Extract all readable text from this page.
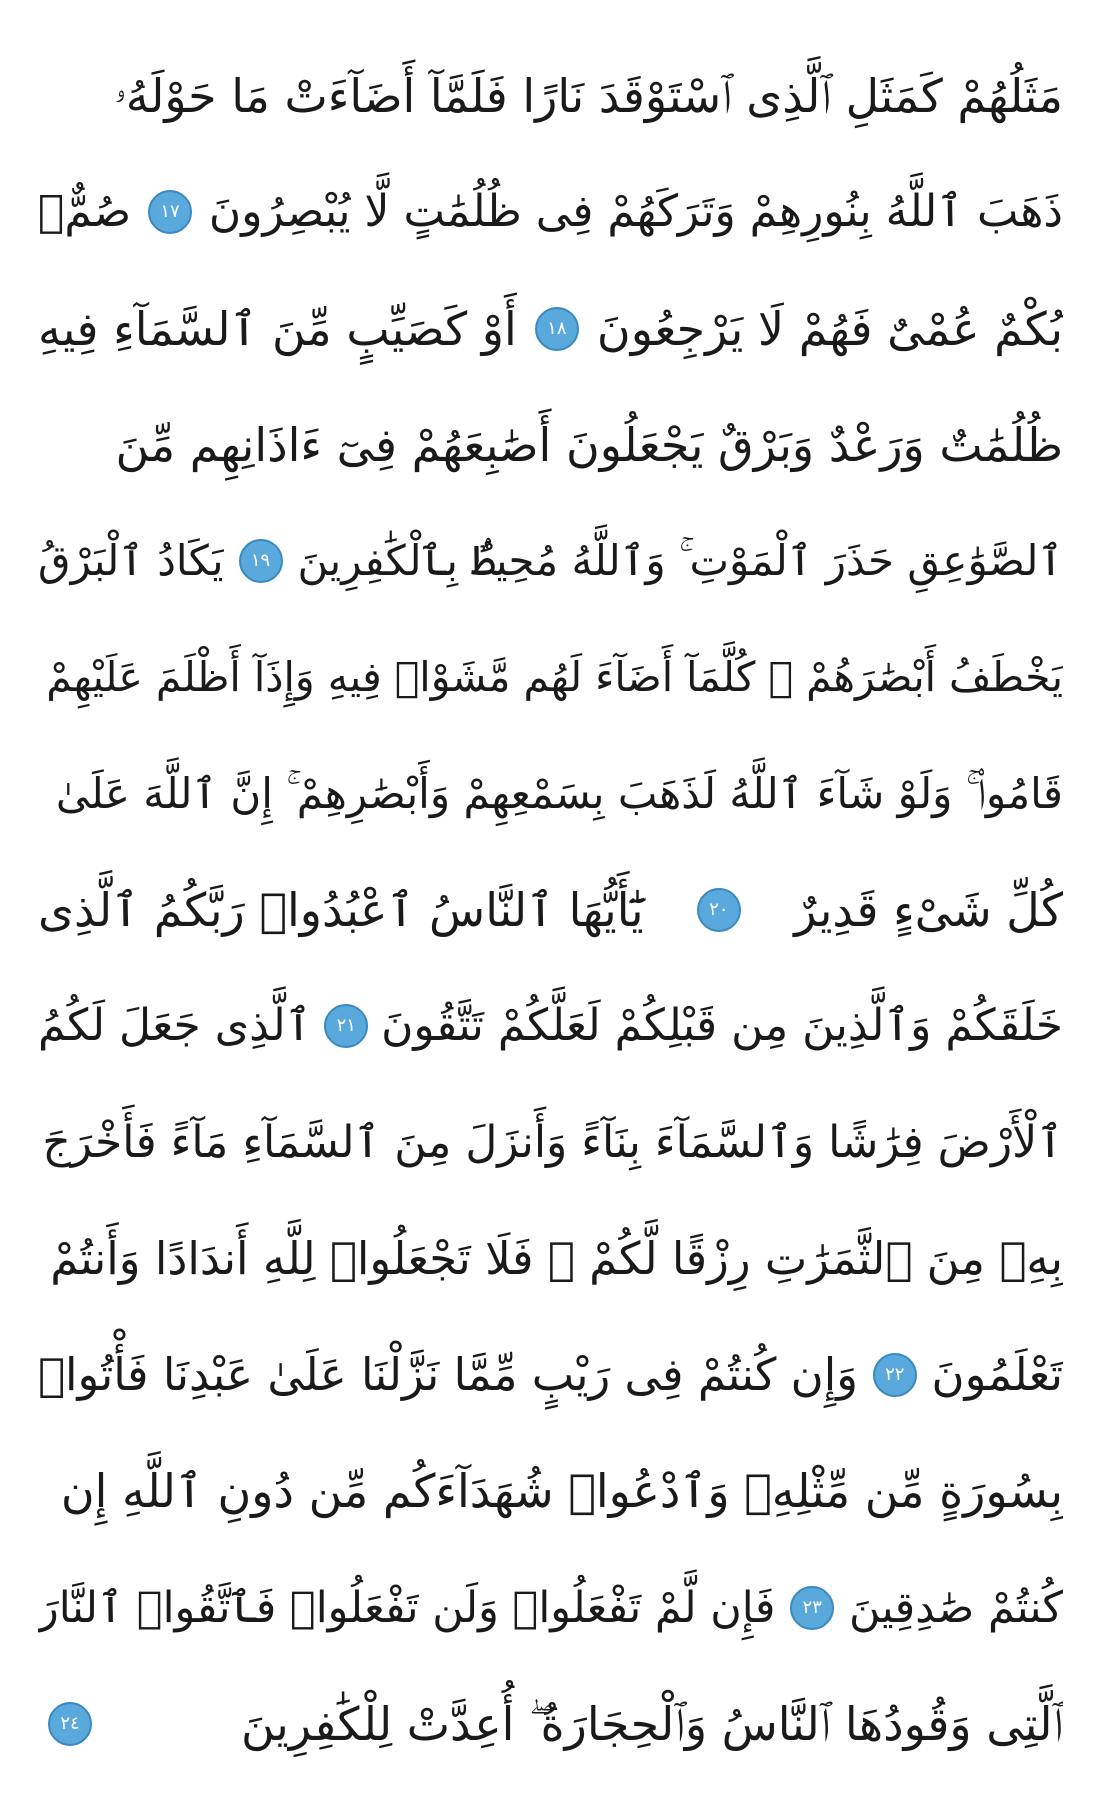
مَثَلُهُمْ كَمَثَلِ ٱلَّذِى ٱسْتَوْقَدَ نَارًا فَلَمَّآ أَضَآءَتْ مَا حَوْلَهُۥ
ذَهَبَ ٱللَّهُ بِنُورِهِمْ وَتَرَكَهُمْ فِى ظُلُمَٰتٍ لَّا يُبْصِرُونَ
١٧
صُمٌّۢ
بُكْمٌ عُمْىٌ فَهُمْ لَا يَرْجِعُونَ
١٨
أَوْ كَصَيِّبٍ مِّنَ ٱلسَّمَآءِ فِيهِ
ظُلُمَٰتٌ وَرَعْدٌ وَبَرْقٌ يَجْعَلُونَ أَصَٰبِعَهُمْ فِىٓ ءَاذَانِهِم مِّنَ
ٱلصَّوَٰعِقِ حَذَرَ ٱلْمَوْتِ ۚ وَٱللَّهُ مُحِيطٌۢ بِٱلْكَٰفِرِينَ
١٩
يَكَادُ ٱلْبَرْقُ
يَخْطَفُ أَبْصَٰرَهُمْ ۖ كُلَّمَآ أَضَآءَ لَهُم مَّشَوْا۟ فِيهِ وَإِذَآ أَظْلَمَ عَلَيْهِمْ
قَامُوا۟ ۚ وَلَوْ شَآءَ ٱللَّهُ لَذَهَبَ بِسَمْعِهِمْ وَأَبْصَٰرِهِمْ ۚ إِنَّ ٱللَّهَ عَلَىٰ
كُلِّ شَىْءٍ قَدِيرٌ
٢٠
يَٰٓأَيُّهَا ٱلنَّاسُ ٱعْبُدُوا۟ رَبَّكُمُ ٱلَّذِى
خَلَقَكُمْ وَٱلَّذِينَ مِن قَبْلِكُمْ لَعَلَّكُمْ تَتَّقُونَ
٢١
ٱلَّذِى جَعَلَ لَكُمُ
ٱلْأَرْضَ فِرَٰشًا وَٱلسَّمَآءَ بِنَآءً وَأَنزَلَ مِنَ ٱلسَّمَآءِ مَآءً فَأَخْرَجَ
بِهِۦ مِنَ ٱلثَّمَرَٰتِ رِزْقًا لَّكُمْ ۖ فَلَا تَجْعَلُوا۟ لِلَّهِ أَندَادًا وَأَنتُمْ
تَعْلَمُونَ
٢٢
وَإِن كُنتُمْ فِى رَيْبٍ مِّمَّا نَزَّلْنَا عَلَىٰ عَبْدِنَا فَأْتُوا۟
بِسُورَةٍ مِّن مِّثْلِهِۦ وَٱدْعُوا۟ شُهَدَآءَكُم مِّن دُونِ ٱللَّهِ إِن
كُنتُمْ صَٰدِقِينَ
٢٣
فَإِن لَّمْ تَفْعَلُوا۟ وَلَن تَفْعَلُوا۟ فَٱتَّقُوا۟ ٱلنَّارَ
ٱلَّتِى وَقُودُهَا ٱلنَّاسُ وَٱلْحِجَارَةُ ۖ أُعِدَّتْ لِلْكَٰفِرِينَ
٢٤
